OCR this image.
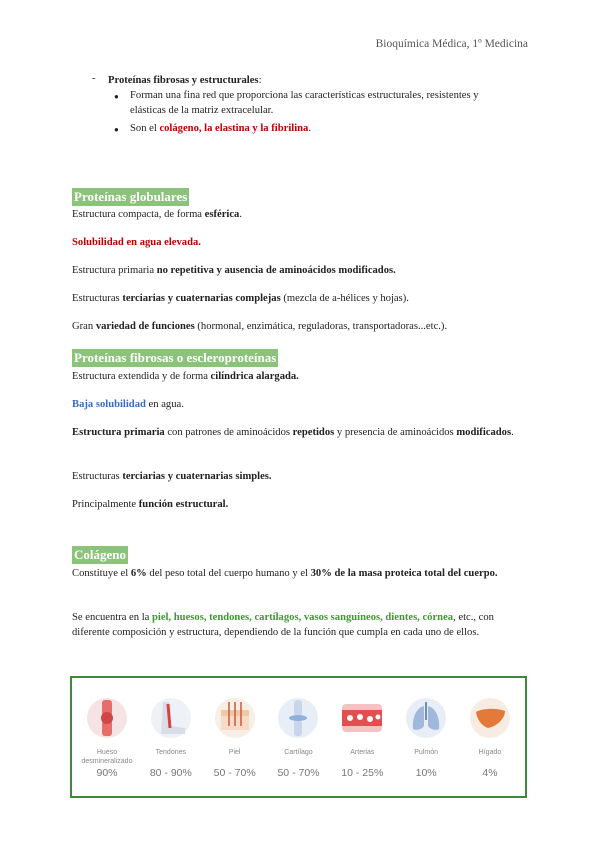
Bioquímica Médica, 1º Medicina
- Proteínas fibrosas y estructurales:
● Forman una fina red que proporciona las características estructurales, resistentes y elásticas de la matriz extracelular.
● Son el colágeno, la elastina y la fibrilina.
Proteínas globulares
Estructura compacta, de forma esférica.
Solubilidad en agua elevada.
Estructura primaria no repetitiva y ausencia de aminoácidos modificados.
Estructuras terciarias y cuaternarias complejas (mezcla de a-hélices y hojas).
Gran variedad de funciones (hormonal, enzimática, reguladoras, transportadoras...etc.).
Proteínas fibrosas o escleroproteínas
Estructura extendida y de forma cilíndrica alargada.
Baja solubilidad en agua.
Estructura primaria con patrones de aminoácidos repetidos y presencia de aminoácidos modificados.
Estructuras terciarias y cuaternarias simples.
Principalmente función estructural.
Colágeno
Constituye el 6% del peso total del cuerpo humano y el 30% de la masa proteica total del cuerpo.
Se encuentra en la piel, huesos, tendones, cartílagos, vasos sanguíneos, dientes, córnea, etc., con diferente composición y estructura, dependiendo de la función que cumpla en cada uno de ellos.
Hueso desmineralizado
90%
Tendones
80 - 90%
Piel
50 - 70%
Cartílago
50 - 70%
Arterias
10 - 25%
Pulmón
10%
Hígado
4%
